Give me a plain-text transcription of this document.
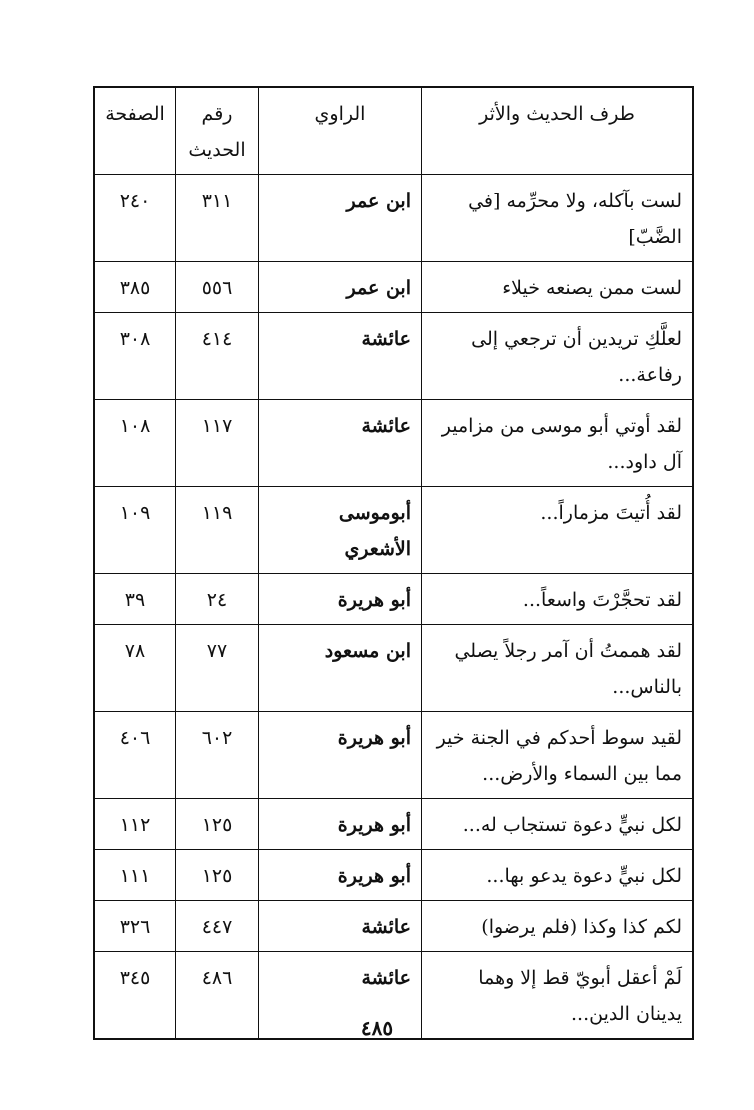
طرف الحديث والأثر	الراوي	رقم الحديث	الصفحة
لست بآكله، ولا محرِّمه [في الضَّبّ]	ابن عمر	٣١١	٢٤٠
لست ممن يصنعه خيلاء	ابن عمر	٥٥٦	٣٨٥
لعلَّكِ تريدين أن ترجعي إلى رفاعة...	عائشة	٤١٤	٣٠٨
لقد أوتي أبو موسى من مزامير آل داود...	عائشة	١١٧	١٠٨
لقد أُتيتَ مزماراً...	أبوموسى الأشعري	١١٩	١٠٩
لقد تحجَّرْتَ واسعاً...	أبو هريرة	٢٤	٣٩
لقد هممتُ أن آمر رجلاً يصلي بالناس...	ابن مسعود	٧٧	٧٨
لقيد سوط أحدكم في الجنة خير مما بين السماء والأرض...	أبو هريرة	٦٠٢	٤٠٦
لكل نبيٍّ دعوة تستجاب له...	أبو هريرة	١٢٥	١١٢
لكل نبيٍّ دعوة يدعو بها...	أبو هريرة	١٢٥	١١١
لكم كذا وكذا (فلم يرضوا)	عائشة	٤٤٧	٣٢٦
لَمْ أعقل أبويّ قط إلا وهما يدينان الدين...	عائشة	٤٨٦	٣٤٥
٤٨٥
